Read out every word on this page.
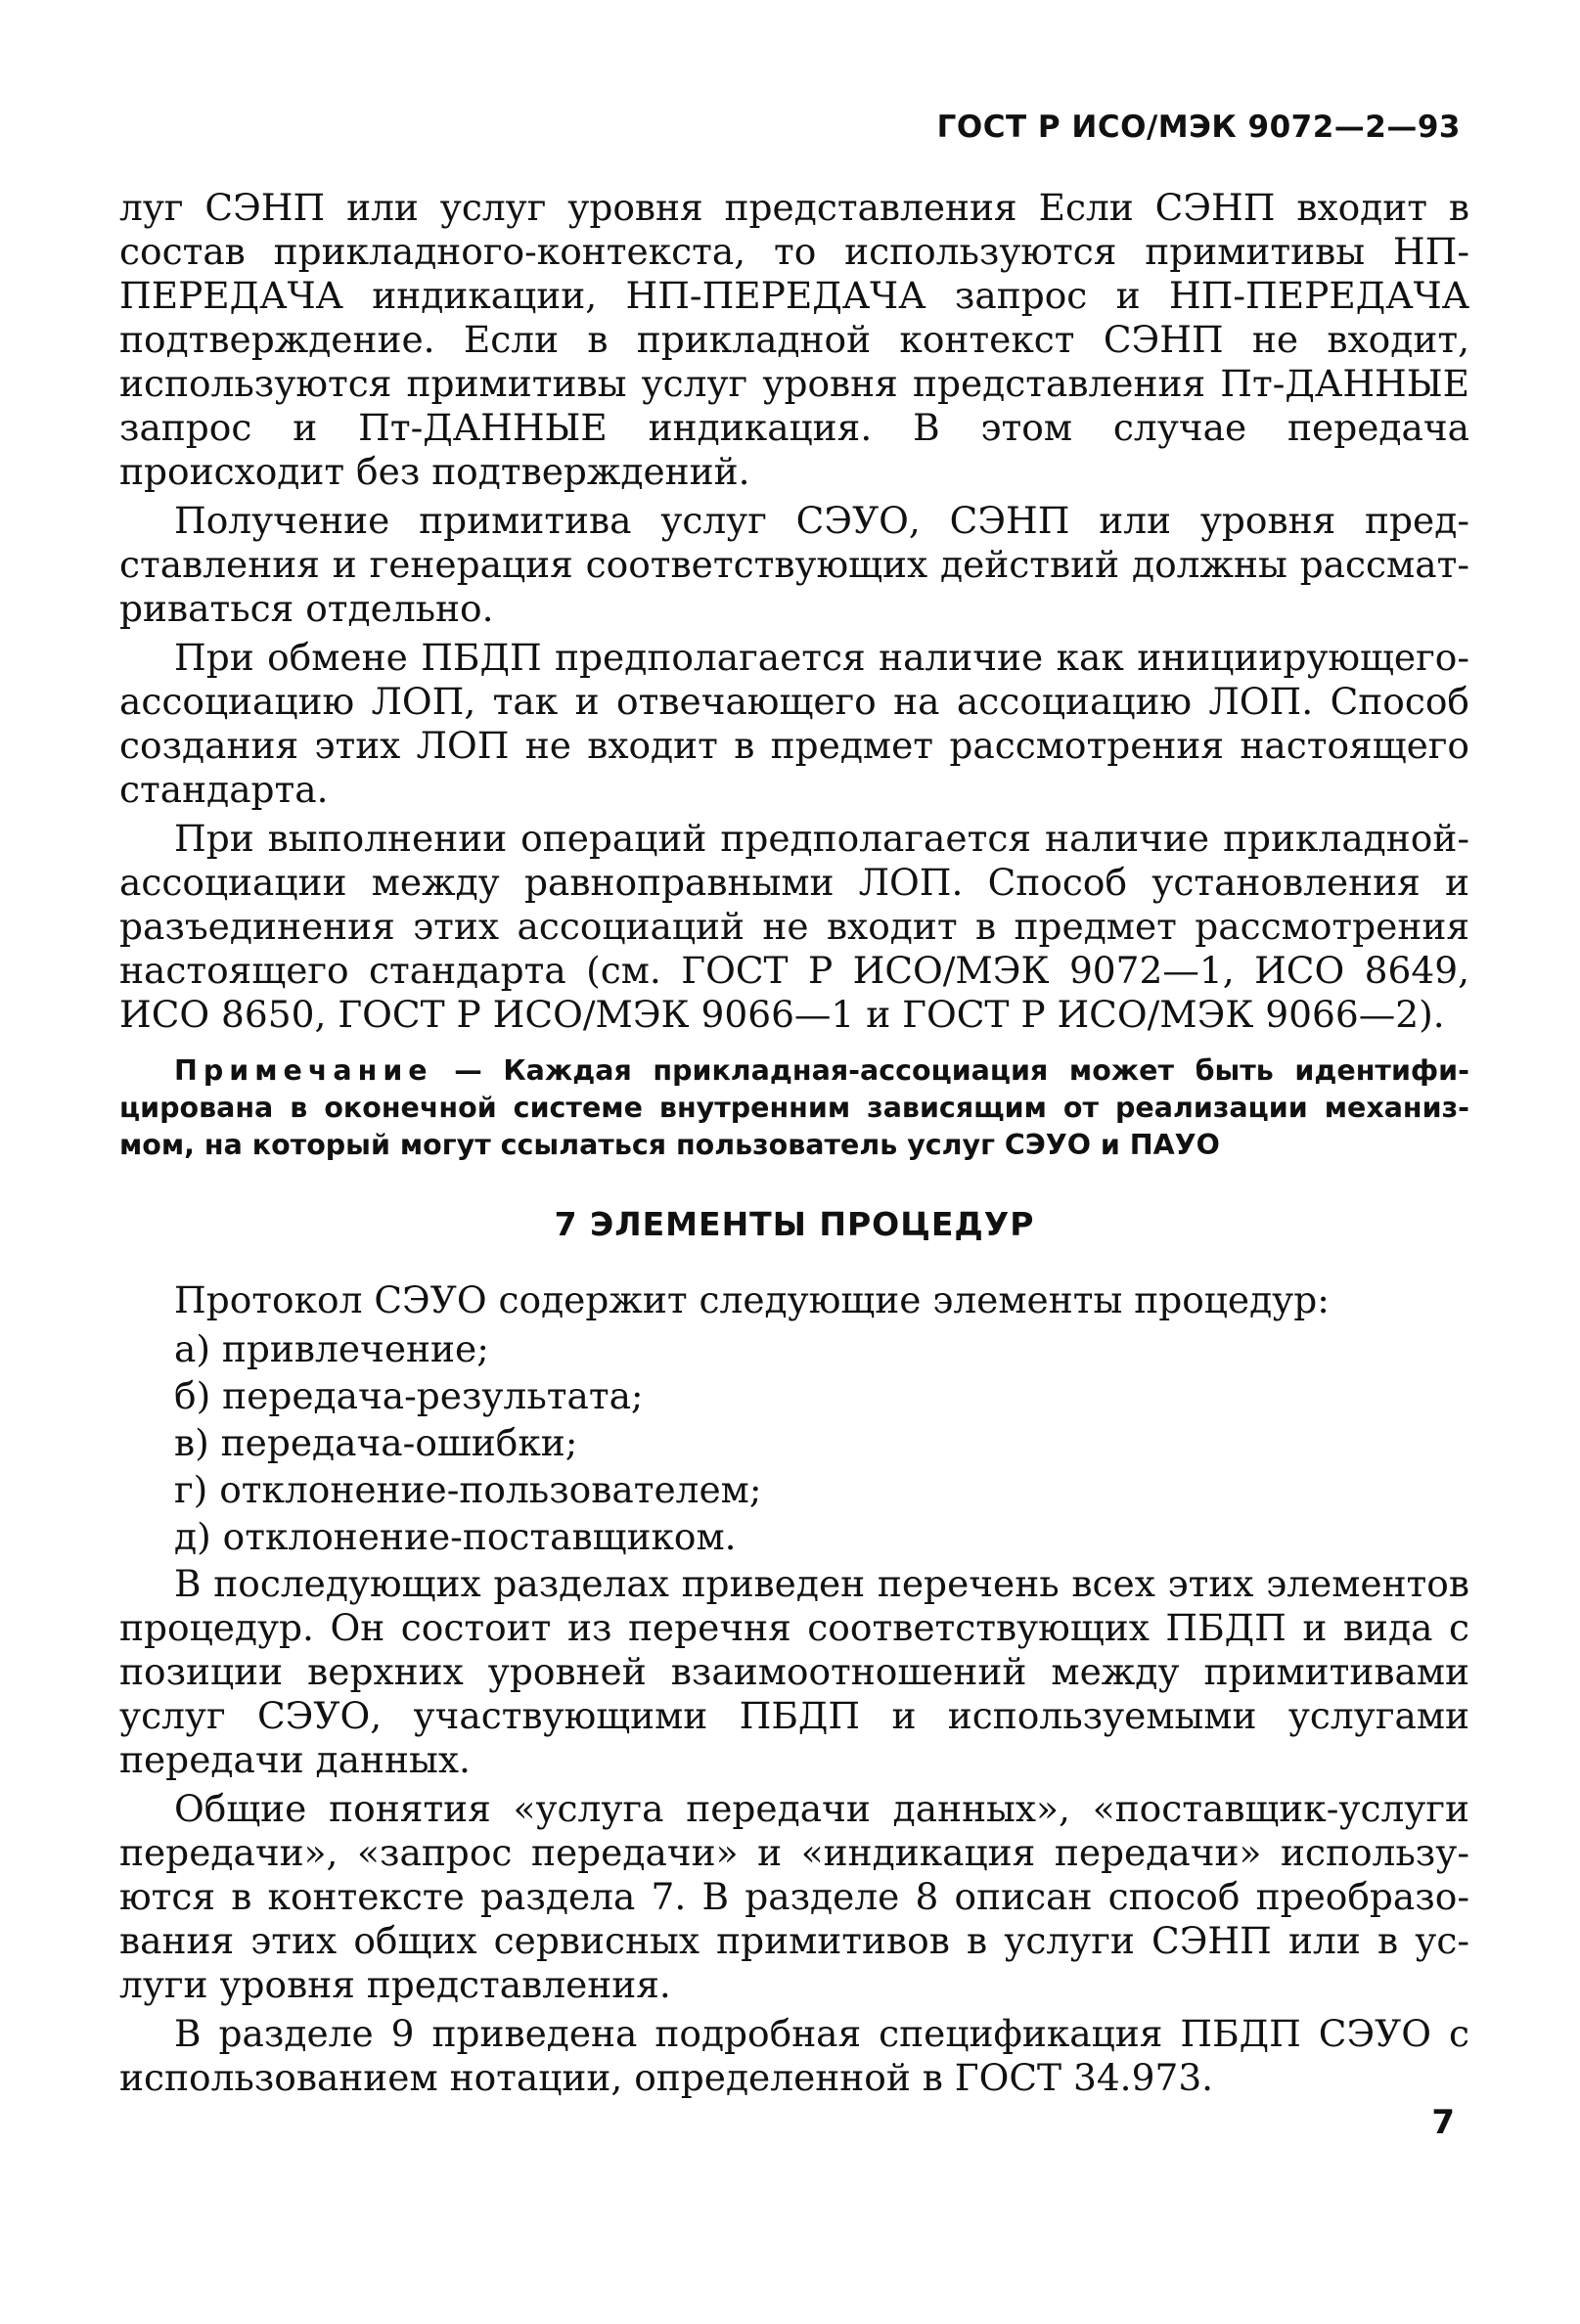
ГОСТ Р ИСО/МЭК 9072—2—93

луг СЭНП или услуг уровня представления Если СЭНП входит в состав прикладного-контекста, то используются примитивы НП-ПЕРЕДАЧА индикации, НП-ПЕРЕДАЧА запрос и НП-ПЕРЕДАЧА подтверждение. Если в прикладной контекст СЭНП не входит, используются примитивы услуг уровня представления Пт-ДАННЫЕ запрос и Пт-ДАННЫЕ индикация. В этом случае передача происходит без подтверждений.

Получение примитива услуг СЭУО, СЭНП или уровня представления и генерация соответствующих действий должны рассматриваться отдельно.

При обмене ПБДП предполагается наличие как инициирующего-ассоциацию ЛОП, так и отвечающего на ассоциацию ЛОП. Способ создания этих ЛОП не входит в предмет рассмотрения настоящего стандарта.

При выполнении операций предполагается наличие прикладной-ассоциации между равноправными ЛОП. Способ установления и разъединения этих ассоциаций не входит в предмет рассмотрения настоящего стандарта (см. ГОСТ Р ИСО/МЭК 9072—1, ИСО 8649, ИСО 8650, ГОСТ Р ИСО/МЭК 9066—1 и ГОСТ Р ИСО/МЭК 9066—2).

Примечание — Каждая прикладная-ассоциация может быть идентифицирована в оконечной системе внутренним зависящим от реализации механизмом, на который могут ссылаться пользователь услуг СЭУО и ПАУО

7 ЭЛЕМЕНТЫ ПРОЦЕДУР

Протокол СЭУО содержит следующие элементы процедур:

а) привлечение;
б) передача-результата;
в) передача-ошибки;
г) отклонение-пользователем;
д) отклонение-поставщиком.

В последующих разделах приведен перечень всех этих элементов процедур. Он состоит из перечня соответствующих ПБДП и вида с позиции верхних уровней взаимоотношений между примитивами услуг СЭУО, участвующими ПБДП и используемыми услугами передачи данных.

Общие понятия «услуга передачи данных», «поставщик-услуги передачи», «запрос передачи» и «индикация передачи» используются в контексте раздела 7. В разделе 8 описан способ преобразования этих общих сервисных примитивов в услуги СЭНП или в услуги уровня представления.

В разделе 9 приведена подробная спецификация ПБДП СЭУО с использованием нотации, определенной в ГОСТ 34.973.

7
